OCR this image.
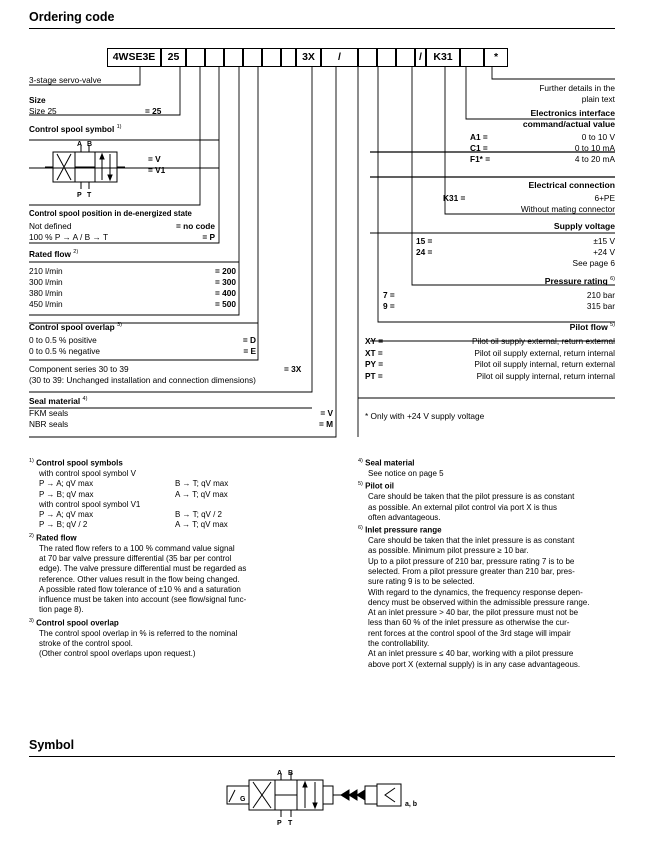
Ordering code
4WSE3E	25	3X	/	/	K31	*
3-stage servo-valve
Size
Size 25	= 25
Control spool symbol $^{1)}$
A B
P T
= V
= V1
Control spool position in de-energized state
Not defined	= no code
100 % P → A / B → T	= P
Rated flow $^{2)}$
210 l/min	= 200
300 l/min	= 300
380 l/min	= 400
450 l/min	= 500
Control spool overlap $^{3)}$
0 to 0.5 % positive	= D
0 to 0.5 % negative	= E
Component series 30 to 39	= 3X
(30 to 39: Unchanged installation and connection dimensions)
Seal material $^{4)}$
FKM seals	= V
NBR seals	= M
Further details in the
plain text
Electronics interface
command/actual value
A1 =	0 to 10 V
C1 =	0 to 10 mA
F1* =	4 to 20 mA
Electrical connection
K31 =	6+PE
Without mating connector
Supply voltage
15 =	±15 V
24 =	+24 V
See page 6
Pressure rating $^{6)}$
7 =	210 bar
9 =	315 bar
Pilot flow $^{5)}$
XY =	Pilot oil supply external, return external
XT =	Pilot oil supply external, return internal
PY =	Pilot oil supply internal, return external
PT =	Pilot oil supply internal, return internal
* Only with +24 V supply voltage
$^{1)}$ Control spool symbols
with control spool symbol V
P → A; qV max	B → T; qV max
P → B; qV max	A → T; qV max
with control spool symbol V1
P → A; qV max	B → T; qV / 2
P → B; qV / 2	A → T; qV max
$^{2)}$ Rated flow
The rated flow refers to a 100 % command value signal
at 70 bar valve pressure differential (35 bar per control
edge). The valve pressure differential must be regarded as
reference. Other values result in the flow being changed.
A possible rated flow tolerance of ±10 % and a saturation
influence must be taken into account (see flow/signal func-
tion page 8).
$^{3)}$ Control spool overlap
The control spool overlap in % is referred to the nominal
stroke of the control spool.
(Other control spool overlaps upon request.)
$^{4)}$ Seal material
See notice on page 5
$^{5)}$ Pilot oil
Care should be taken that the pilot pressure is as constant
as possible. An external pilot control via port X is thus
often advantageous.
$^{6)}$ Inlet pressure range
Care should be taken that the inlet pressure is as constant
as possible. Minimum pilot pressure ≥ 10 bar.
Up to a pilot pressure of 210 bar, pressure rating 7 is to be
selected. From a pilot pressure greater than 210 bar, pres-
sure rating 9 is to be selected.
With regard to the dynamics, the frequency response depen-
dency must be observed within the admissible pressure range.
At an inlet pressure > 40 bar, the pilot pressure must not be
less than 60 % of the inlet pressure as otherwise the cur-
rent forces at the control spool of the 3rd stage will impair
the controllability.
At an inlet pressure ≤ 40 bar, working with a pilot pressure
above port X (external supply) is in any case advantageous.
Symbol
A B
P T
G
a, b
